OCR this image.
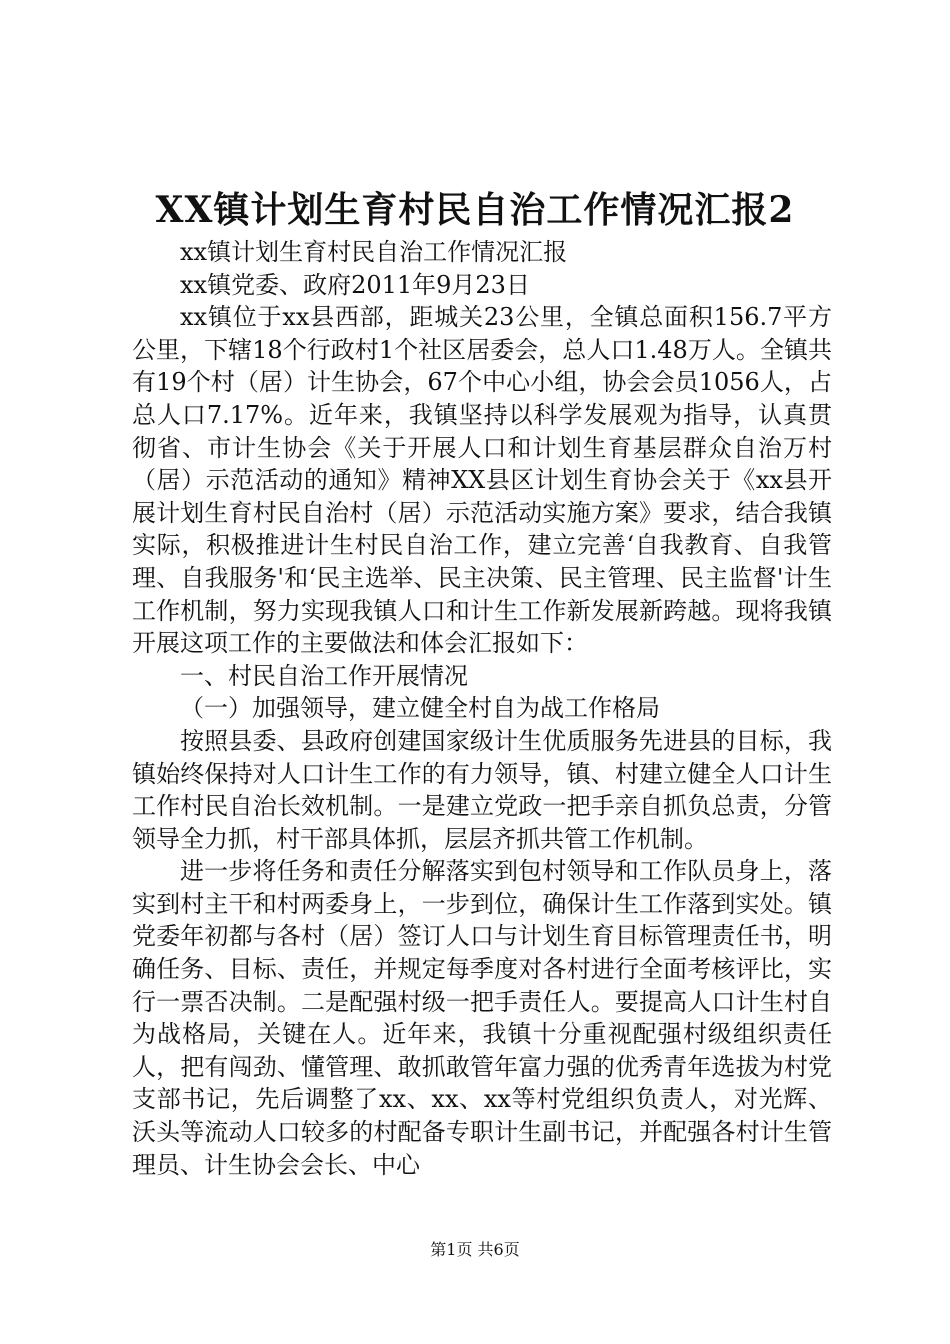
XX镇计划生育村民自治工作情况汇报2

xx镇计划生育村民自治工作情况汇报

xx镇党委、政府2011年9月23日

xx镇位于xx县西部，距城关23公里，全镇总面积156.7平方公里，下辖18个行政村1个社区居委会，总人口1.48万人。全镇共有19个村（居）计生协会，67个中心小组，协会会员1056人，占总人口7.17%。近年来，我镇坚持以科学发展观为指导，认真贯彻省、市计生协会《关于开展人口和计划生育基层群众自治万村（居）示范活动的通知》精神XX县区计划生育协会关于《xx县开展计划生育村民自治村（居）示范活动实施方案》要求，结合我镇实际，积极推进计生村民自治工作，建立完善‘自我教育、自我管理、自我服务'和‘民主选举、民主决策、民主管理、民主监督'计生工作机制，努力实现我镇人口和计生工作新发展新跨越。现将我镇开展这项工作的主要做法和体会汇报如下：

一、村民自治工作开展情况

（一）加强领导，建立健全村自为战工作格局

按照县委、县政府创建国家级计生优质服务先进县的目标，我镇始终保持对人口计生工作的有力领导，镇、村建立健全人口计生工作村民自治长效机制。一是建立党政一把手亲自抓负总责，分管领导全力抓，村干部具体抓，层层齐抓共管工作机制。

进一步将任务和责任分解落实到包村领导和工作队员身上，落实到村主干和村两委身上，一步到位，确保计生工作落到实处。镇党委年初都与各村（居）签订人口与计划生育目标管理责任书，明确任务、目标、责任，并规定每季度对各村进行全面考核评比，实行一票否决制。二是配强村级一把手责任人。要提高人口计生村自为战格局，关键在人。近年来，我镇十分重视配强村级组织责任人，把有闯劲、懂管理、敢抓敢管年富力强的优秀青年选拔为村党支部书记，先后调整了xx、xx、xx等村党组织负责人，对光辉、沃头等流动人口较多的村配备专职计生副书记，并配强各村计生管理员、计生协会会长、中心

第1页 共6页
